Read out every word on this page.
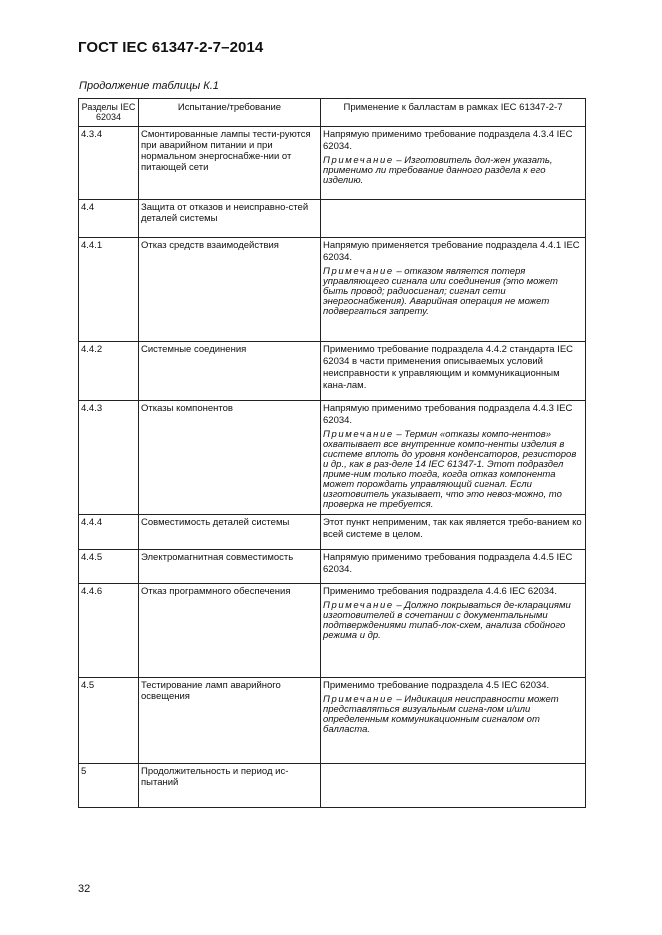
ГОСТ IEC 61347-2-7–2014
Продолжение таблицы К.1
Разделы IEC 62034	Испытание/требование	Применение к балластам в рамках IEC 61347-2-7
4.3.4	Смонтированные лампы тести-руются при аварийном питании и при нормальном энергоснабже-нии от питающей сети	Напрямую применимо требование подраздела 4.3.4 IEC 62034.
Примечание – Изготовитель дол-жен указать, применимо ли требование данного раздела к его изделию.

4.4	Защита от отказов и неисправно-стей деталей системы	

4.4.1	Отказ средств взаимодействия	Напрямую применяется требование подраздела 4.4.1 IEC 62034.
Примечание – отказом является потеря управляющего сигнала или соединения (это может быть провод; радиосигнал; сигнал сети энергоснабжения). Аварийная операция не может подвергаться запрету.

4.4.2	Системные соединения	Применимо требование подраздела 4.4.2 стандарта IEC 62034 в части применения описываемых условий неисправности к управляющим и коммуникационным кана-лам.

4.4.3	Отказы компонентов	Напрямую применимо требования подраздела 4.4.3 IEC 62034.
Примечание – Термин «отказы компо-нентов» охватывает все внутренние компо-ненты изделия в системе вплоть до уровня конденсаторов, резисторов и др., как в раз-деле 14 IEC 61347-1. Этот подраздел приме-ним только тогда, когда отказ компонента может порождать управляющий сигнал. Если изготовитель указывает, что это невоз-можно, то проверка не требуется.

4.4.4	Совместимость деталей системы	Этот пункт неприменим, так как является требо-ванием ко всей системе в целом.

4.4.5	Электромагнитная совместимость	Напрямую применимо требования подраздела 4.4.5 IEC 62034.

4.4.6	Отказ программного обеспечения	Применимо требования подраздела 4.4.6 IEC 62034.
Примечание – Должно покрываться де-кларациями изготовителей в сочетании с документальными подтверждениями типаб-лок-схем, анализа сбойного режима и др.

4.5	Тестирование ламп аварийного освещения	Применимо требование подраздела 4.5 IEC 62034.
Примечание – Индикация неисправности может представляться визуальным сигна-лом и/или определенным коммуникационным сигналом от балласта.

5	Продолжительность и период ис-пытаний	
32
